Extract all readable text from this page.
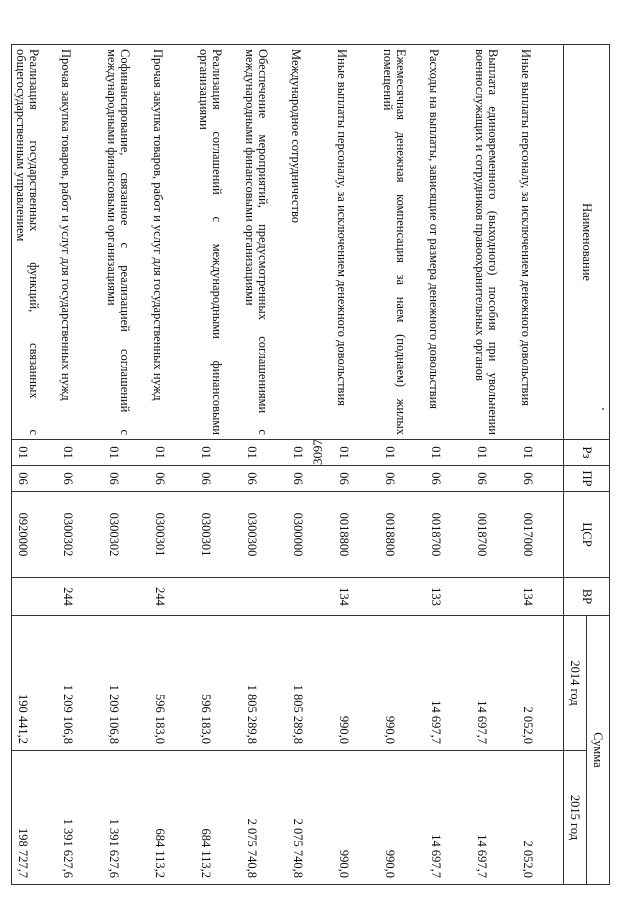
3097
Наименование	Рз	ПР	ЦСР	ВР	Сумма	
					2014 год	2015 год
Иные выплаты персоналу, за исключением денежного довольствия	01	06	0017000	134	2 052,0	2 052,0
Выплата единовременного (выходного) пособия при увольнении военнослужащих и сотрудников правоохранительных органов	01	06	0018700		14 697,7	14 697,7
Расходы на выплаты, зависящие от размера денежного довольствия	01	06	0018700	133	14 697,7	14 697,7
Ежемесячная денежная компенсация за наем (поднаем) жилых помещений	01	06	0018800		990,0	990,0
Иные выплаты персоналу, за исключением денежного довольствия	01	06	0018800	134	990,0	990,0
Международное сотрудничество	01	06	0300000		1 805 289,8	2 075 740,8
Обеспечение мероприятий, предусмотренных соглашениями с международными финансовыми организациями	01	06	0300300		1 805 289,8	2 075 740,8
Реализация соглашений с международными финансовыми организациями	01	06	0300301		596 183,0	684 113,2
Прочая закупка товаров, работ и услуг для государственных нужд	01	06	0300301	244	596 183,0	684 113,2
Софинансирование, связанное с реализацией соглашений с международными финансовыми организациями	01	06	0300302		1 209 106,8	1 391 627,6
Прочая закупка товаров, работ и услуг для государственных нужд	01	06	0300302	244	1 209 106,8	1 391 627,6
Реализация государственных функций, связанных с общегосударственным управлением	01	06	0920000		190 441,2	198 727,7
